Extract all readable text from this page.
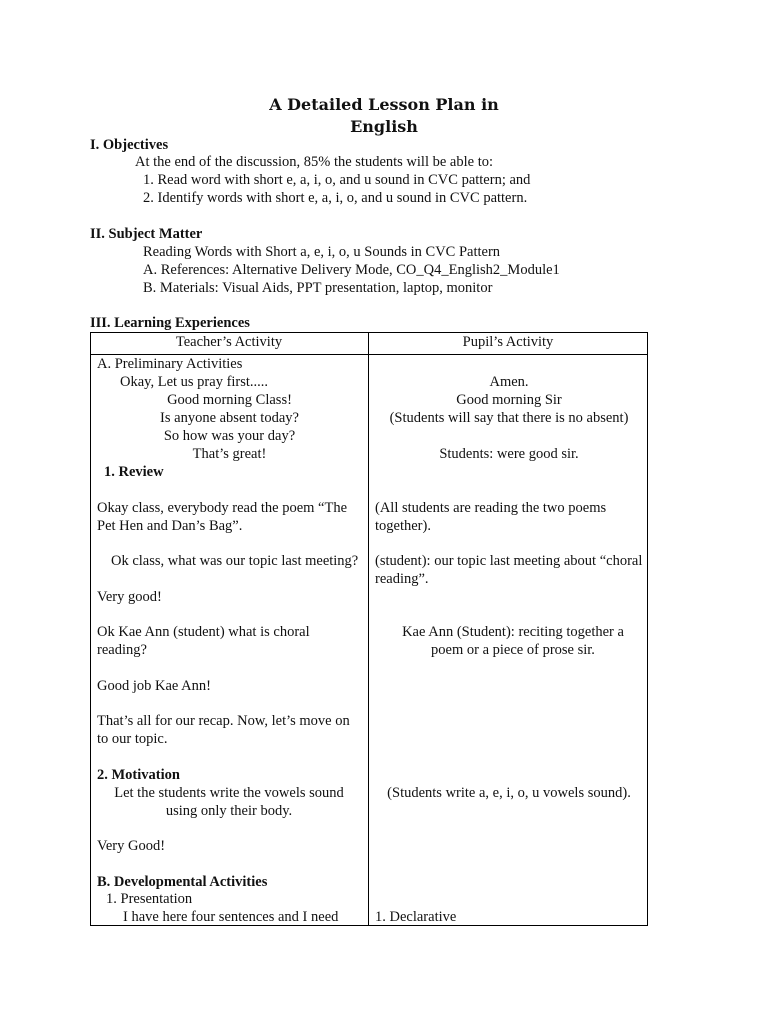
A Detailed Lesson Plan in
English
I. Objectives
At the end of the discussion, 85% the students will be able to:
1. Read word with short e, a, i, o, and u sound in CVC pattern; and
2. Identify words with short e, a, i, o, and u sound in CVC pattern.
II. Subject Matter
Reading Words with Short a, e, i, o, u Sounds in CVC Pattern
A. References: Alternative Delivery Mode, CO_Q4_English2_Module1
B. Materials: Visual Aids, PPT presentation, laptop, monitor
III. Learning Experiences
Teacher’s Activity	Pupil’s Activity
A. Preliminary Activities
Okay, Let us pray first.....
Good morning Class!
Is anyone absent today?
So how was your day?
That’s great!
1. Review
Okay class, everybody read the poem “The Pet Hen and Dan’s Bag”.
Ok class, what was our topic last meeting?
Very good!
Ok Kae Ann (student) what is choral reading?
Good job Kae Ann!
That’s all for our recap. Now, let’s move on to our topic.
2. Motivation
Let the students write the vowels sound using only their body.
Very Good!
B. Developmental Activities
1. Presentation
I have here four sentences and I need
Amen.
Good morning Sir
(Students will say that there is no absent)
Students: were good sir.
(All students are reading the two poems together).
(student): our topic last meeting about “choral reading”.
Kae Ann (Student): reciting together a poem or a piece of prose sir.
(Students write a, e, i, o, u vowels sound).
1. Declarative
